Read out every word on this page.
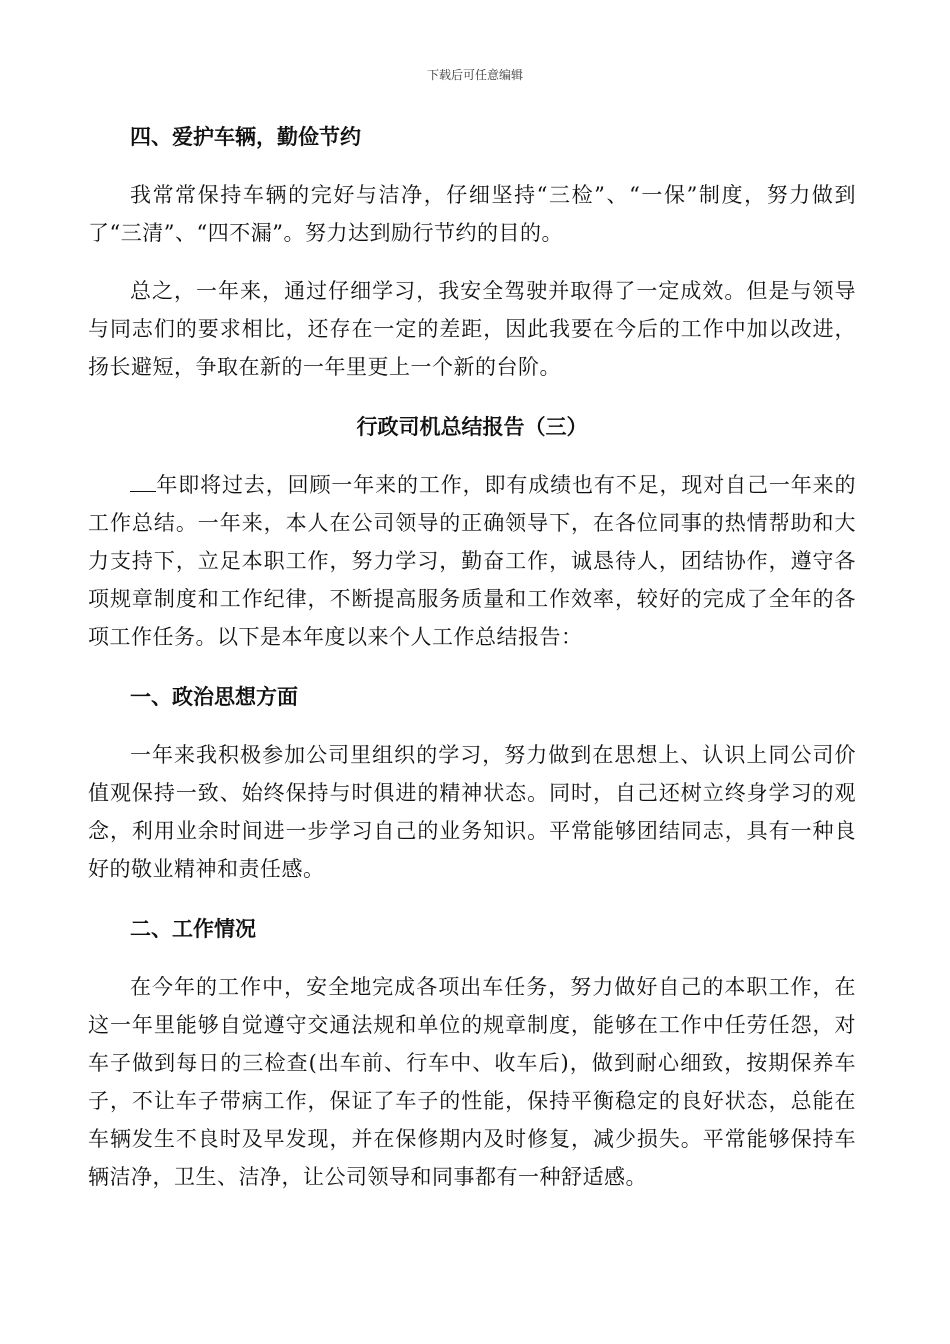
下载后可任意编辑

四、爱护车辆，勤俭节约

我常常保持车辆的完好与洁净，仔细坚持“三检”、“一保”制度，努力做到了“三清”、“四不漏”。努力达到励行节约的目的。

总之，一年来，通过仔细学习，我安全驾驶并取得了一定成效。但是与领导与同志们的要求相比，还存在一定的差距，因此我要在今后的工作中加以改进，扬长避短，争取在新的一年里更上一个新的台阶。

行政司机总结报告（三）

年即将过去，回顾一年来的工作，即有成绩也有不足，现对自己一年来的工作总结。一年来，本人在公司领导的正确领导下，在各位同事的热情帮助和大力支持下，立足本职工作，努力学习，勤奋工作，诚恳待人，团结协作，遵守各项规章制度和工作纪律，不断提高服务质量和工作效率，较好的完成了全年的各项工作任务。以下是本年度以来个人工作总结报告：

一、政治思想方面

一年来我积极参加公司里组织的学习，努力做到在思想上、认识上同公司价值观保持一致、始终保持与时俱进的精神状态。同时，自己还树立终身学习的观念，利用业余时间进一步学习自己的业务知识。平常能够团结同志，具有一种良好的敬业精神和责任感。

二、工作情况

在今年的工作中，安全地完成各项出车任务，努力做好自己的本职工作，在这一年里能够自觉遵守交通法规和单位的规章制度，能够在工作中任劳任怨，对车子做到每日的三检查(出车前、行车中、收车后)，做到耐心细致，按期保养车子，不让车子带病工作，保证了车子的性能，保持平衡稳定的良好状态，总能在车辆发生不良时及早发现，并在保修期内及时修复，减少损失。平常能够保持车辆洁净，卫生、洁净，让公司领导和同事都有一种舒适感。
